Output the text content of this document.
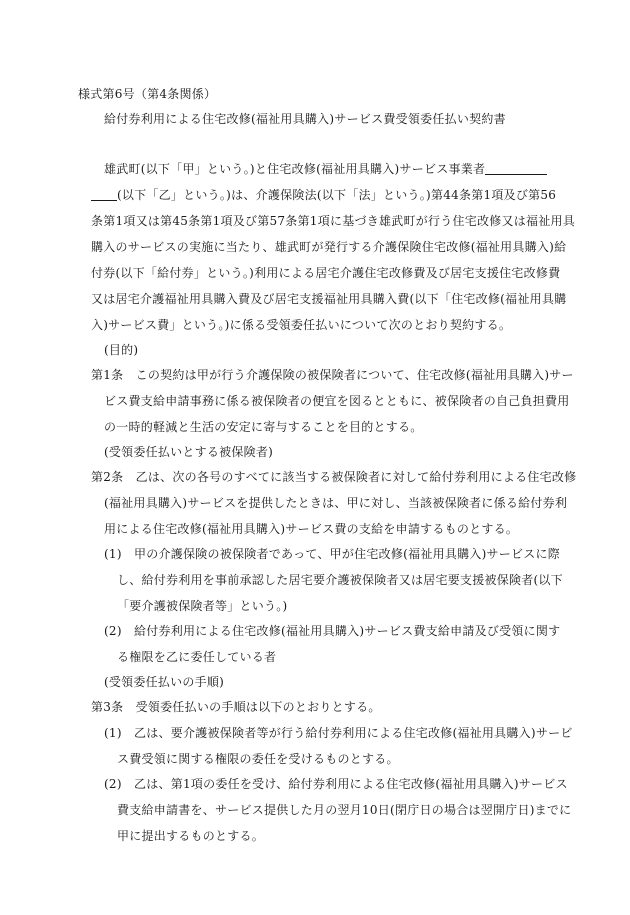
様式第6号（第4条関係）
給付券利用による住宅改修(福祉用具購入)サービス費受領委任払い契約書
雄武町(以下「甲」という。)と住宅改修(福祉用具購入)サービス事業者
(以下「乙」という。)は、介護保険法(以下「法」という。)第44条第1項及び第56
条第1項又は第45条第1項及び第57条第1項に基づき雄武町が行う住宅改修又は福祉用具
購入のサービスの実施に当たり、雄武町が発行する介護保険住宅改修(福祉用具購入)給
付券(以下「給付券」という。)利用による居宅介護住宅改修費及び居宅支援住宅改修費
又は居宅介護福祉用具購入費及び居宅支援福祉用具購入費(以下「住宅改修(福祉用具購
入)サービス費」という。)に係る受領委任払いについて次のとおり契約する。
(目的)
第1条　この契約は甲が行う介護保険の被保険者について、住宅改修(福祉用具購入)サー
ビス費支給申請事務に係る被保険者の便宜を図るとともに、被保険者の自己負担費用
の一時的軽減と生活の安定に寄与することを目的とする。
(受領委任払いとする被保険者)
第2条　乙は、次の各号のすべてに該当する被保険者に対して給付券利用による住宅改修
(福祉用具購入)サービスを提供したときは、甲に対し、当該被保険者に係る給付券利
用による住宅改修(福祉用具購入)サービス費の支給を申請するものとする。
(1)　甲の介護保険の被保険者であって、甲が住宅改修(福祉用具購入)サービスに際
し、給付券利用を事前承認した居宅要介護被保険者又は居宅要支援被保険者(以下
「要介護被保険者等」という。)
(2)　給付券利用による住宅改修(福祉用具購入)サービス費支給申請及び受領に関す
る権限を乙に委任している者
(受領委任払いの手順)
第3条　受領委任払いの手順は以下のとおりとする。
(1)　乙は、要介護被保険者等が行う給付券利用による住宅改修(福祉用具購入)サービ
ス費受領に関する権限の委任を受けるものとする。
(2)　乙は、第1項の委任を受け、給付券利用による住宅改修(福祉用具購入)サービス
費支給申請書を、サービス提供した月の翌月10日(閉庁日の場合は翌開庁日)までに
甲に提出するものとする。
